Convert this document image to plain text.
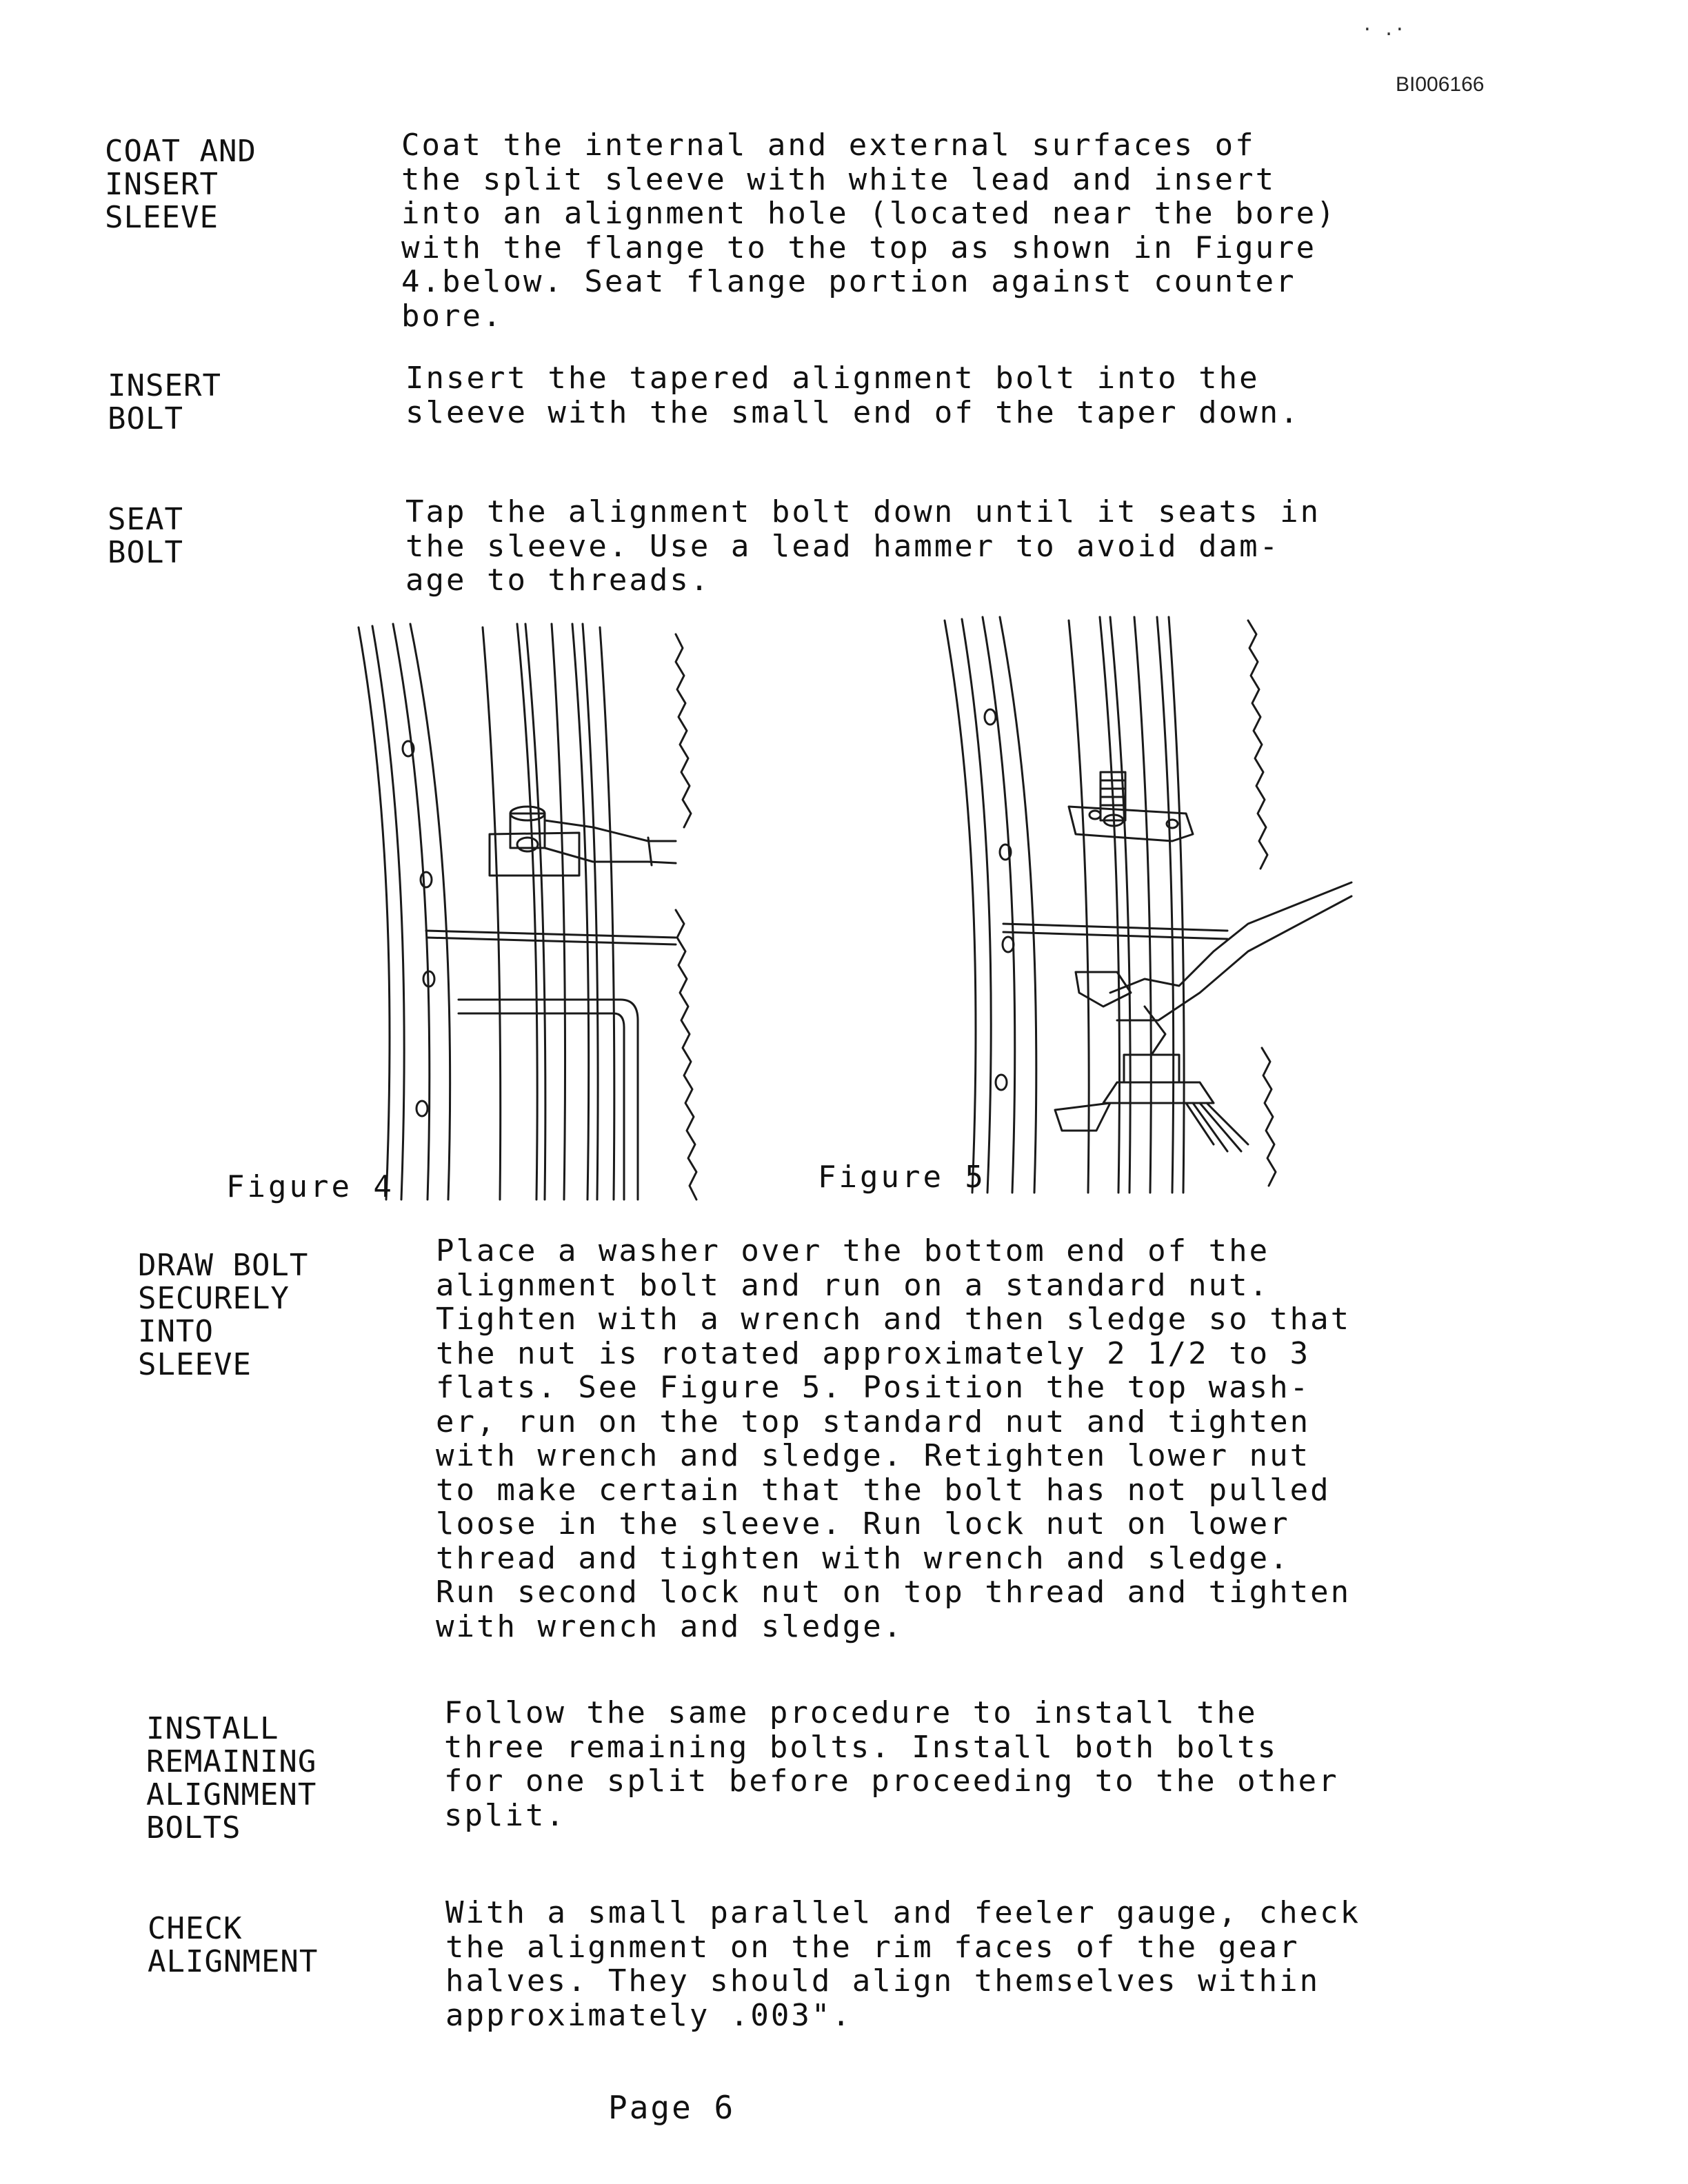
· .·
BI006166
COAT AND
INSERT
SLEEVE
Coat the internal and external surfaces of
the split sleeve with white lead and insert
into an alignment hole (located near the bore)
with the flange to the top as shown in Figure
4.below. Seat flange portion against counter
bore.
INSERT
BOLT
Insert the tapered alignment bolt into the
sleeve with the small end of the taper down.
SEAT
BOLT
Tap the alignment bolt down until it seats in
the sleeve. Use a lead hammer to avoid dam-
age to threads.
Figure 4	Figure 5
DRAW BOLT
SECURELY
INTO
SLEEVE
Place a washer over the bottom end of the
alignment bolt and run on a standard nut.
Tighten with a wrench and then sledge so that
the nut is rotated approximately 2 1/2 to 3
flats. See Figure 5. Position the top wash-
er, run on the top standard nut and tighten
with wrench and sledge. Retighten lower nut
to make certain that the bolt has not pulled
loose in the sleeve. Run lock nut on lower
thread and tighten with wrench and sledge.
Run second lock nut on top thread and tighten
with wrench and sledge.
INSTALL
REMAINING
ALIGNMENT
BOLTS
Follow the same procedure to install the
three remaining bolts. Install both bolts
for one split before proceeding to the other
split.
CHECK
ALIGNMENT
With a small parallel and feeler gauge, check
the alignment on the rim faces of the gear
halves. They should align themselves within
approximately .003".
Page 6
